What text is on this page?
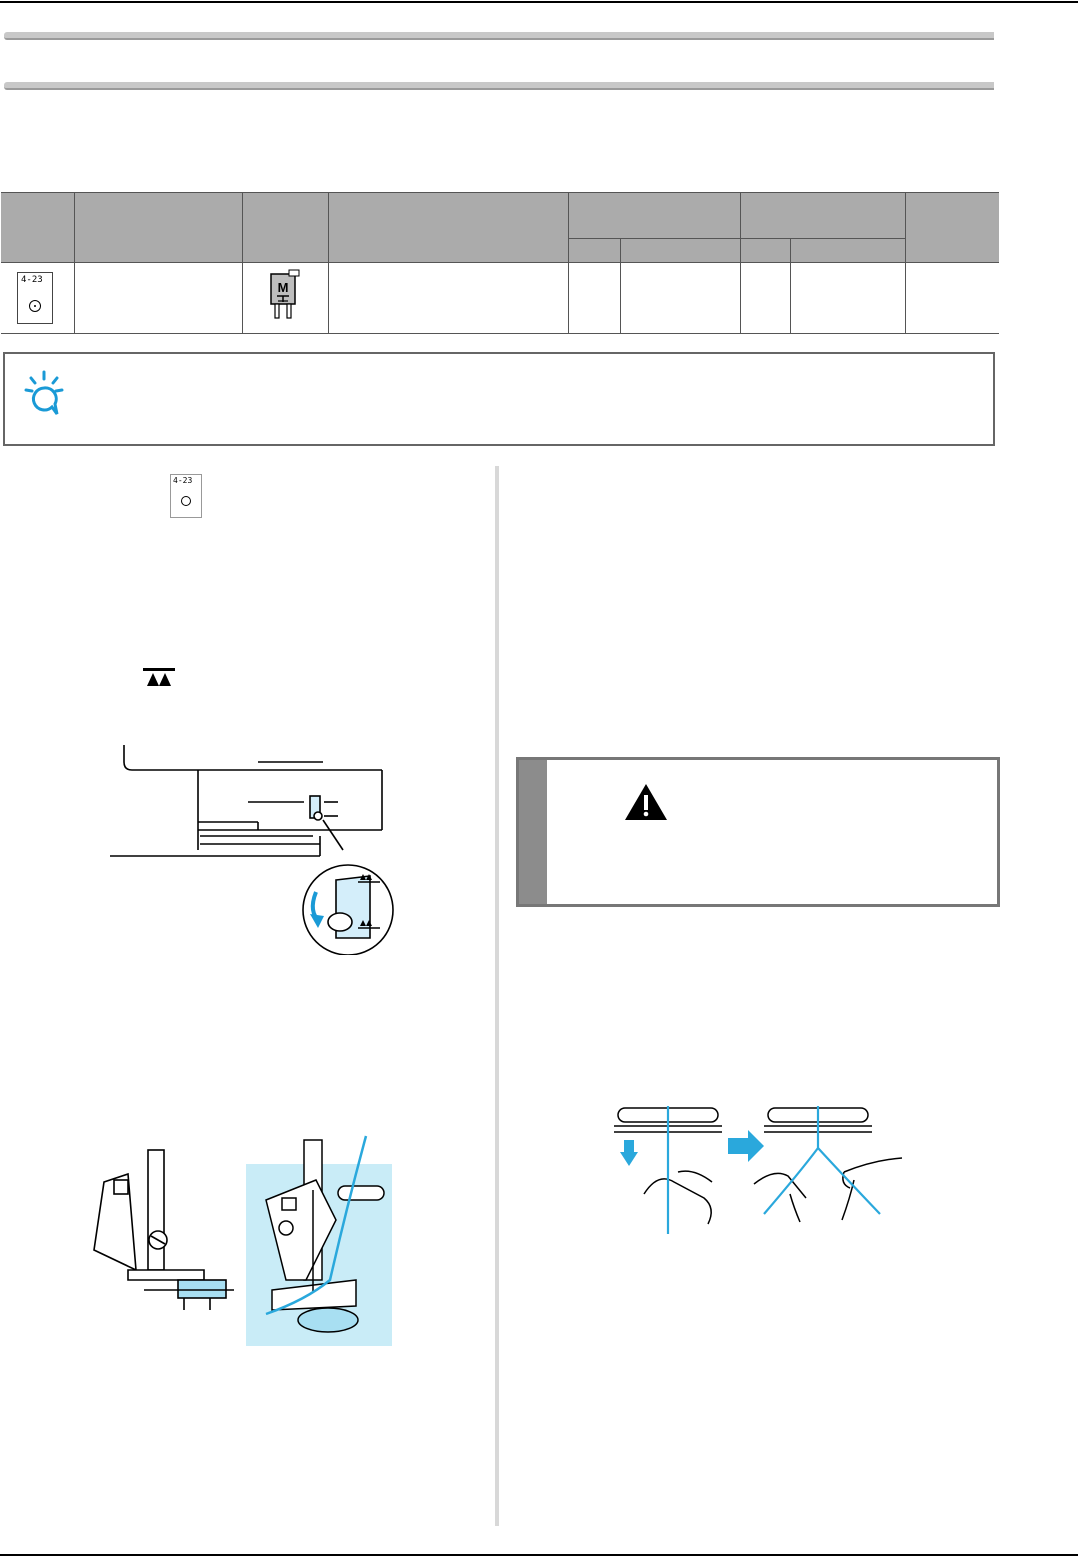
4-23		M						

4-23
